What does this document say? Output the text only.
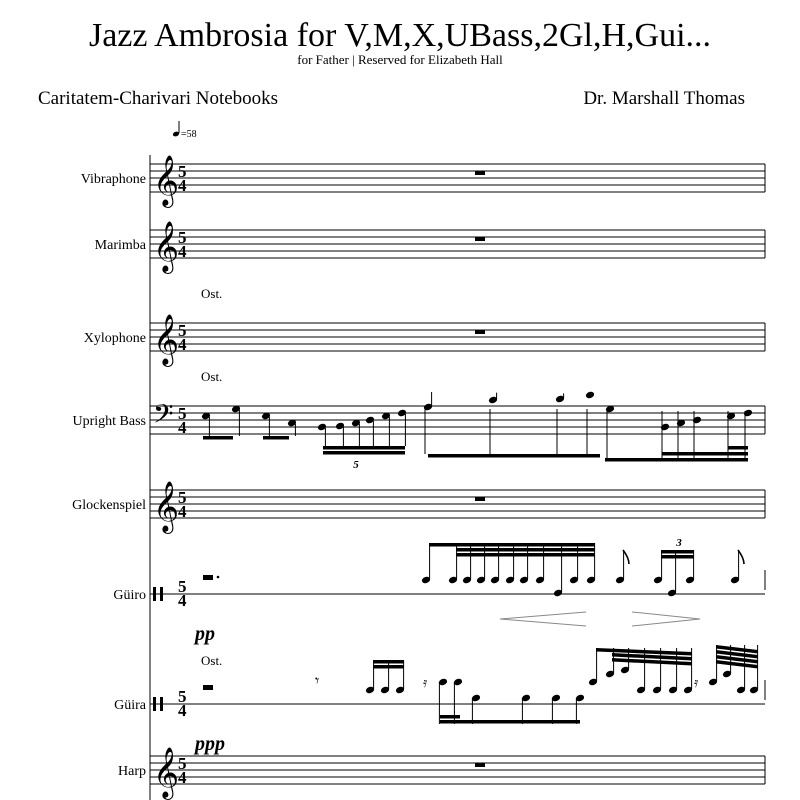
Jazz Ambrosia for V,M,X,UBass,2Gl,H,Gui...
for Father | Reserved for Elizabeth Hall
Caritatem-Charivari Notebooks	Dr. Marshall Thomas
=58
Vibraphone 𝄞
5
4
Marimba 𝄞
5
4
Xylophone 𝄞
5
4
Ost.
Upright Bass 𝄢 5
4
Ost.
Glockenspiel 𝄞
5
4
Güiro 5
4
pp
Güira 5
4
Ost.
ppp
Harp 𝄞
5
4
5
3
𝄾	𝄿	𝄿
